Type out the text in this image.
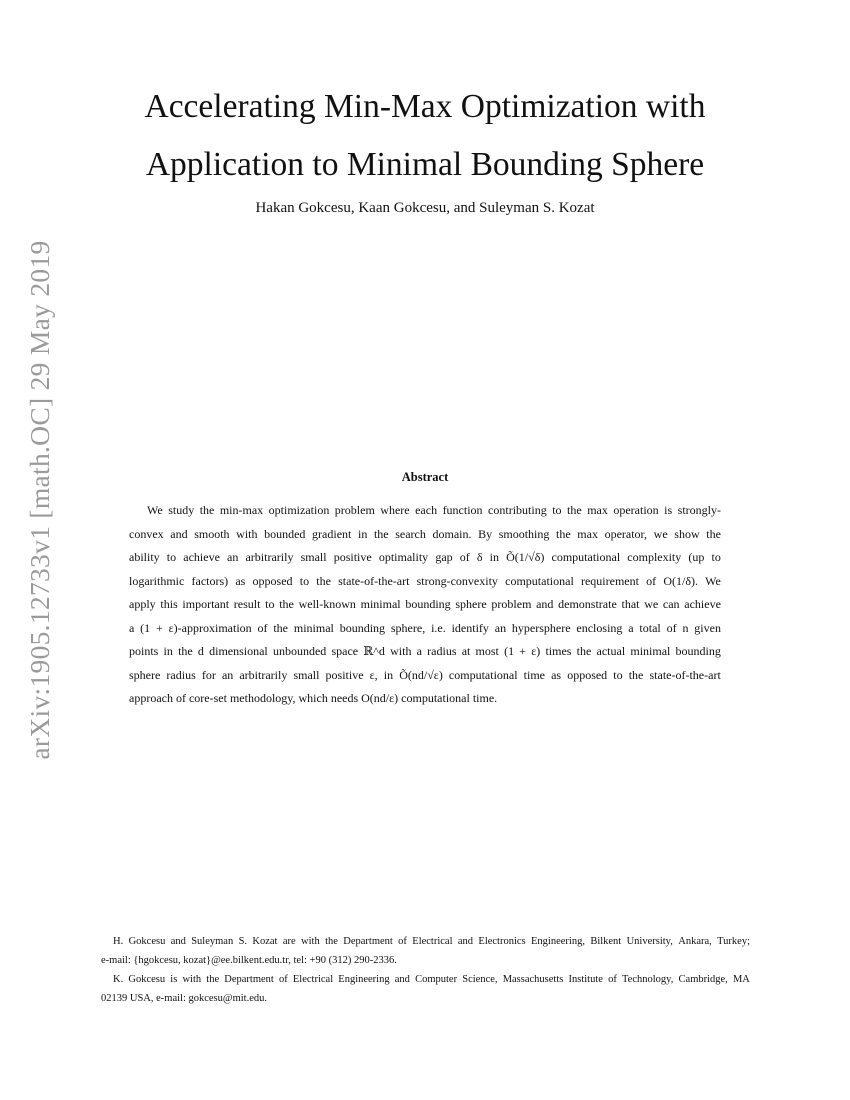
arXiv:1905.12733v1 [math.OC] 29 May 2019
Accelerating Min-Max Optimization with
Application to Minimal Bounding Sphere
Hakan Gokcesu, Kaan Gokcesu, and Suleyman S. Kozat
Abstract
We study the min-max optimization problem where each function contributing to the max operation is strongly-
convex and smooth with bounded gradient in the search domain. By smoothing the max operator, we show the
ability to achieve an arbitrarily small positive optimality gap of δ in Õ(1/√δ) computational complexity (up to
logarithmic factors) as opposed to the state-of-the-art strong-convexity computational requirement of O(1/δ). We
apply this important result to the well-known minimal bounding sphere problem and demonstrate that we can achieve
a (1 + ε)-approximation of the minimal bounding sphere, i.e. identify an hypersphere enclosing a total of n given
points in the d dimensional unbounded space ℝ^d with a radius at most (1 + ε) times the actual minimal bounding
sphere radius for an arbitrarily small positive ε, in Õ(nd/√ε) computational time as opposed to the state-of-the-art
approach of core-set methodology, which needs O(nd/ε) computational time.
H. Gokcesu and Suleyman S. Kozat are with the Department of Electrical and Electronics Engineering, Bilkent University, Ankara, Turkey;
e-mail: {hgokcesu, kozat}@ee.bilkent.edu.tr, tel: +90 (312) 290-2336.
K. Gokcesu is with the Department of Electrical Engineering and Computer Science, Massachusetts Institute of Technology, Cambridge, MA
02139 USA, e-mail: gokcesu@mit.edu.
